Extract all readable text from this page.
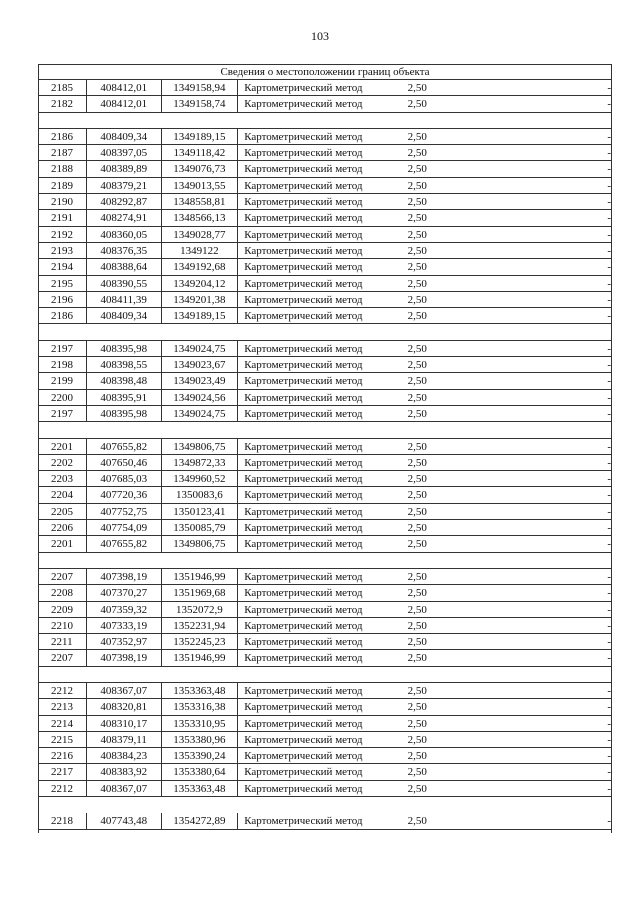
103
Сведения о местоположении границ объекта
2185	408412,01	1349158,94	Картометрический метод	2,50	-
2182	408412,01	1349158,74	Картометрический метод	2,50	-
2186	408409,34	1349189,15	Картометрический метод	2,50	-
2187	408397,05	1349118,42	Картометрический метод	2,50	-
2188	408389,89	1349076,73	Картометрический метод	2,50	-
2189	408379,21	1349013,55	Картометрический метод	2,50	-
2190	408292,87	1348558,81	Картометрический метод	2,50	-
2191	408274,91	1348566,13	Картометрический метод	2,50	-
2192	408360,05	1349028,77	Картометрический метод	2,50	-
2193	408376,35	1349122	Картометрический метод	2,50	-
2194	408388,64	1349192,68	Картометрический метод	2,50	-
2195	408390,55	1349204,12	Картометрический метод	2,50	-
2196	408411,39	1349201,38	Картометрический метод	2,50	-
2186	408409,34	1349189,15	Картометрический метод	2,50	-
2197	408395,98	1349024,75	Картометрический метод	2,50	-
2198	408398,55	1349023,67	Картометрический метод	2,50	-
2199	408398,48	1349023,49	Картометрический метод	2,50	-
2200	408395,91	1349024,56	Картометрический метод	2,50	-
2197	408395,98	1349024,75	Картометрический метод	2,50	-
2201	407655,82	1349806,75	Картометрический метод	2,50	-
2202	407650,46	1349872,33	Картометрический метод	2,50	-
2203	407685,03	1349960,52	Картометрический метод	2,50	-
2204	407720,36	1350083,6	Картометрический метод	2,50	-
2205	407752,75	1350123,41	Картометрический метод	2,50	-
2206	407754,09	1350085,79	Картометрический метод	2,50	-
2201	407655,82	1349806,75	Картометрический метод	2,50	-
2207	407398,19	1351946,99	Картометрический метод	2,50	-
2208	407370,27	1351969,68	Картометрический метод	2,50	-
2209	407359,32	1352072,9	Картометрический метод	2,50	-
2210	407333,19	1352231,94	Картометрический метод	2,50	-
2211	407352,97	1352245,23	Картометрический метод	2,50	-
2207	407398,19	1351946,99	Картометрический метод	2,50	-
2212	408367,07	1353363,48	Картометрический метод	2,50	-
2213	408320,81	1353316,38	Картометрический метод	2,50	-
2214	408310,17	1353310,95	Картометрический метод	2,50	-
2215	408379,11	1353380,96	Картометрический метод	2,50	-
2216	408384,23	1353390,24	Картометрический метод	2,50	-
2217	408383,92	1353380,64	Картометрический метод	2,50	-
2212	408367,07	1353363,48	Картометрический метод	2,50	-
2218	407743,48	1354272,89	Картометрический метод	2,50	-
